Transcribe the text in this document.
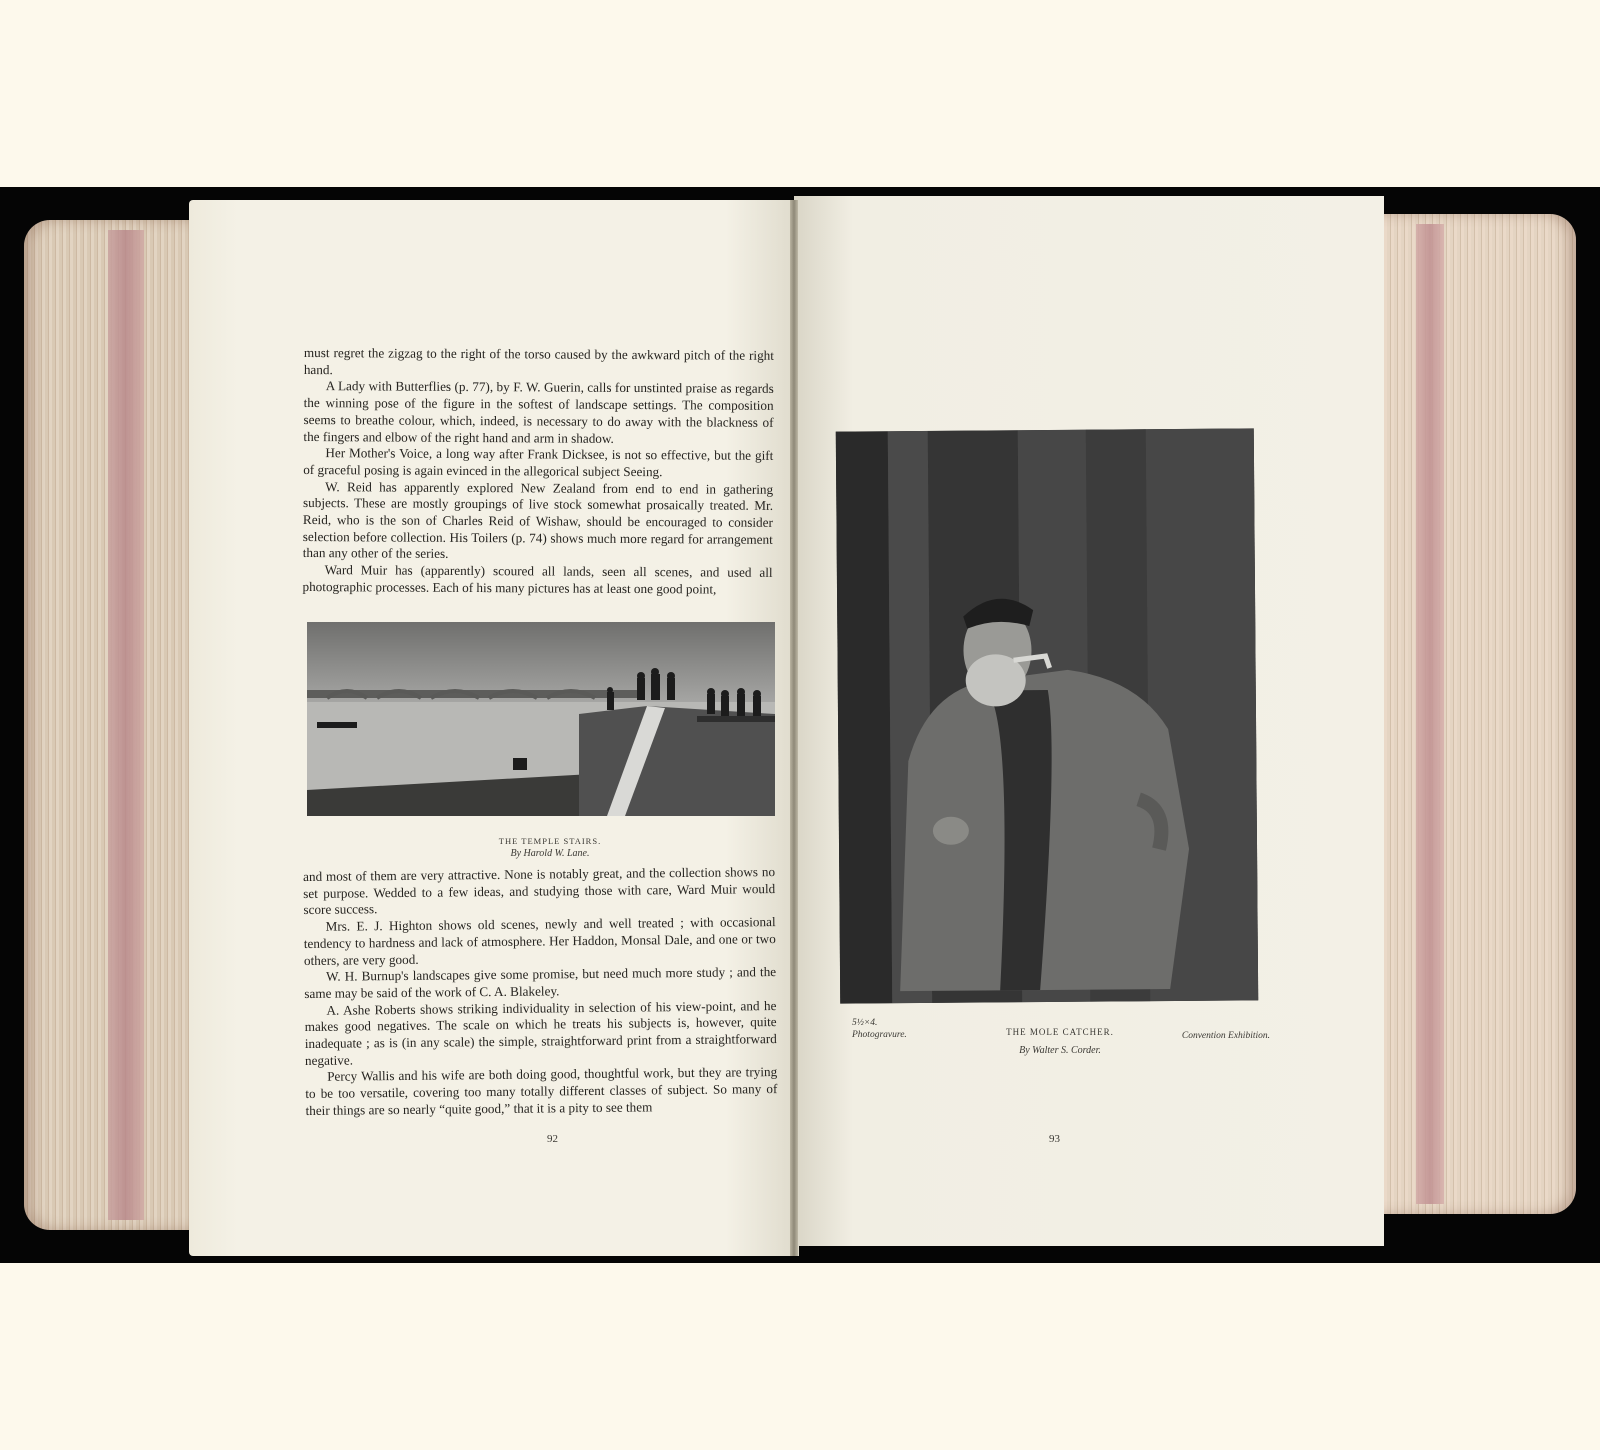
must regret the zigzag to the right of the torso caused by the awkward pitch of the right hand.

A Lady with Butterflies (p. 77), by F. W. Guerin, calls for unstinted praise as regards the winning pose of the figure in the softest of landscape settings. The composition seems to breathe colour, which, indeed, is necessary to do away with the blackness of the fingers and elbow of the right hand and arm in shadow.

Her Mother's Voice, a long way after Frank Dicksee, is not so effective, but the gift of graceful posing is again evinced in the allegorical subject Seeing.

W. Reid has apparently explored New Zealand from end to end in gathering subjects. These are mostly groupings of live stock somewhat prosaically treated. Mr. Reid, who is the son of Charles Reid of Wishaw, should be encouraged to consider selection before collection. His Toilers (p. 74) shows much more regard for arrangement than any other of the series.

Ward Muir has (apparently) scoured all lands, seen all scenes, and used all photographic processes. Each of his many pictures has at least one good point,

THE TEMPLE STAIRS.
By Harold W. Lane.

and most of them are very attractive. None is notably great, and the collection shows no set purpose. Wedded to a few ideas, and studying those with care, Ward Muir would score success.

Mrs. E. J. Highton shows old scenes, newly and well treated ; with occasional tendency to hardness and lack of atmosphere. Her Haddon, Monsal Dale, and one or two others, are very good.

W. H. Burnup's landscapes give some promise, but need much more study ; and the same may be said of the work of C. A. Blakeley.

A. Ashe Roberts shows striking individuality in selection of his view-point, and he makes good negatives. The scale on which he treats his subjects is, however, quite inadequate ; as is (in any scale) the simple, straightforward print from a straightforward negative.

Percy Wallis and his wife are both doing good, thoughtful work, but they are trying to be too versatile, covering too many totally different classes of subject. So many of their things are so nearly “quite good,” that it is a pity to see them

92
5½×4.
Photogravure.	THE MOLE CATCHER.
By Walter S. Corder.
Convention Exhibition.
93
